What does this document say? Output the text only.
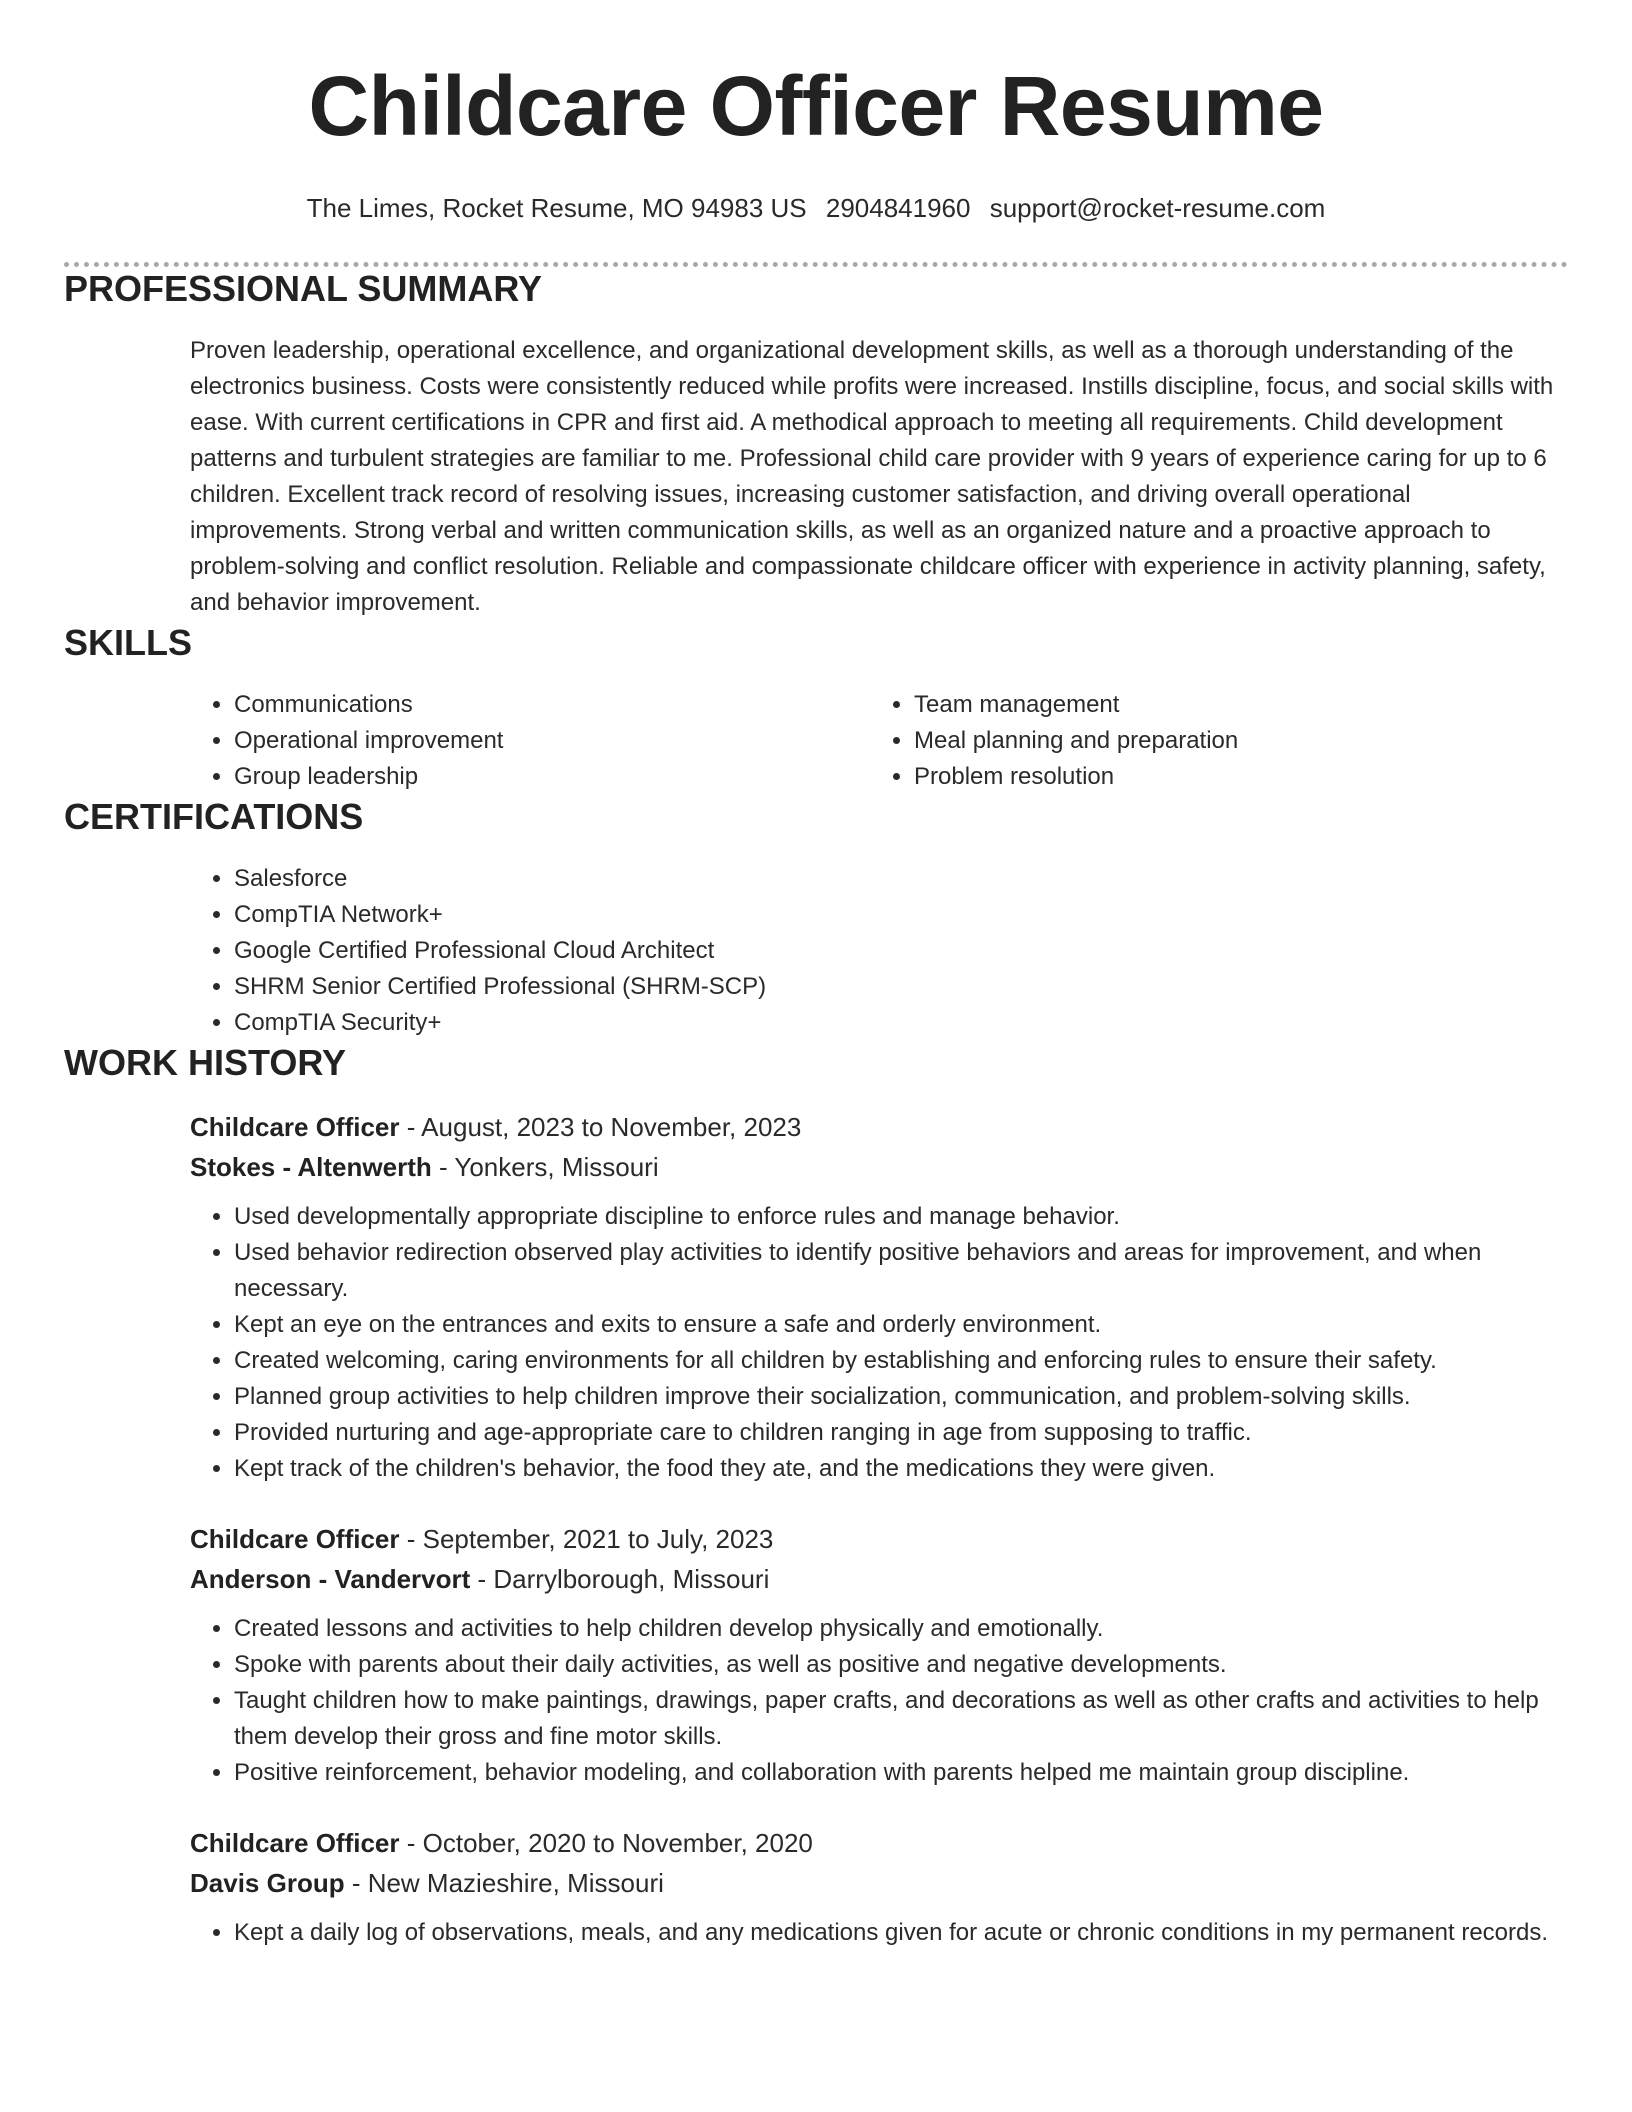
Childcare Officer Resume
The Limes, Rocket Resume, MO 94983 US 2904841960 support@rocket-resume.com
PROFESSIONAL SUMMARY

Proven leadership, operational excellence, and organizational development skills, as well as a thorough understanding of the electronics business. Costs were consistently reduced while profits were increased. Instills discipline, focus, and social skills with ease. With current certifications in CPR and first aid. A methodical approach to meeting all requirements. Child development patterns and turbulent strategies are familiar to me. Professional child care provider with 9 years of experience caring for up to 6 children. Excellent track record of resolving issues, increasing customer satisfaction, and driving overall operational improvements. Strong verbal and written communication skills, as well as an organized nature and a proactive approach to problem-solving and conflict resolution. Reliable and compassionate childcare officer with experience in activity planning, safety, and behavior improvement.

SKILLS
• Communications
• Operational improvement
• Group leadership
• Team management
• Meal planning and preparation
• Problem resolution
CERTIFICATIONS
• Salesforce
• CompTIA Network+
• Google Certified Professional Cloud Architect
• SHRM Senior Certified Professional (SHRM-SCP)
• CompTIA Security+
WORK HISTORY
Childcare Officer - August, 2023 to November, 2023
Stokes - Altenwerth - Yonkers, Missouri
• Used developmentally appropriate discipline to enforce rules and manage behavior.
• Used behavior redirection observed play activities to identify positive behaviors and areas for improvement, and when necessary.
• Kept an eye on the entrances and exits to ensure a safe and orderly environment.
• Created welcoming, caring environments for all children by establishing and enforcing rules to ensure their safety.
• Planned group activities to help children improve their socialization, communication, and problem-solving skills.
• Provided nurturing and age-appropriate care to children ranging in age from supposing to traffic.
• Kept track of the children's behavior, the food they ate, and the medications they were given.
Childcare Officer - September, 2021 to July, 2023
Anderson - Vandervort - Darrylborough, Missouri
• Created lessons and activities to help children develop physically and emotionally.
• Spoke with parents about their daily activities, as well as positive and negative developments.
• Taught children how to make paintings, drawings, paper crafts, and decorations as well as other crafts and activities to help them develop their gross and fine motor skills.
• Positive reinforcement, behavior modeling, and collaboration with parents helped me maintain group discipline.
Childcare Officer - October, 2020 to November, 2020
Davis Group - New Mazieshire, Missouri
• Kept a daily log of observations, meals, and any medications given for acute or chronic conditions in my permanent records.
